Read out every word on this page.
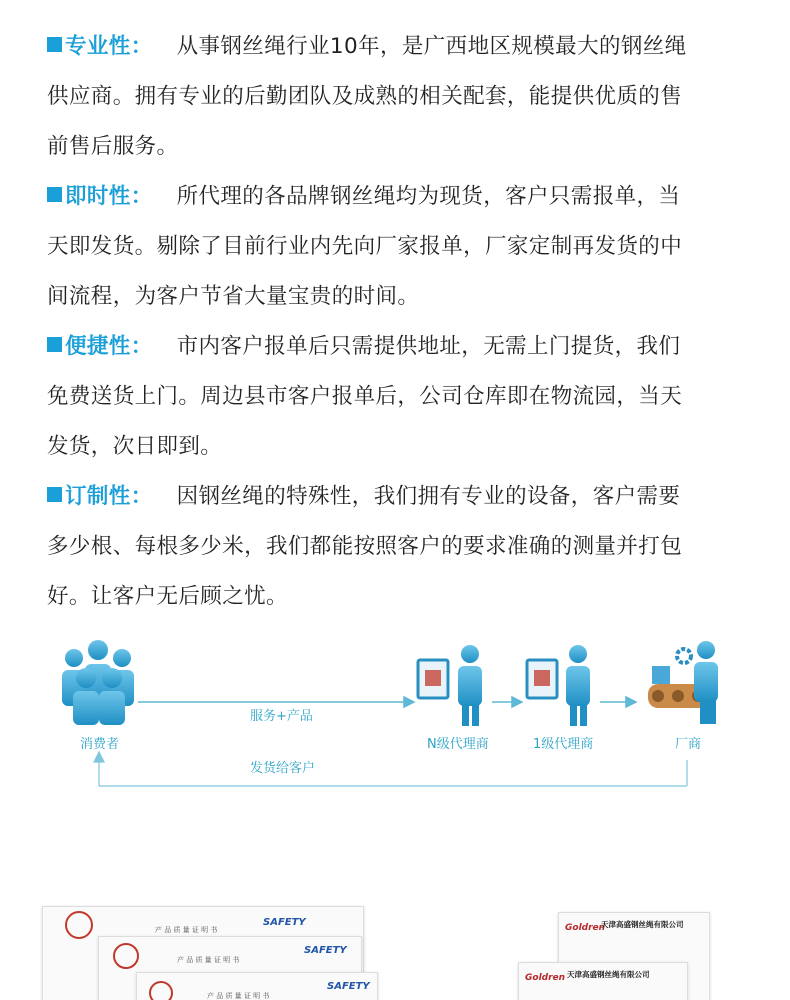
专业性： 从事钢丝绳行业10年，是广西地区规模最大的钢丝绳
供应商。拥有专业的后勤团队及成熟的相关配套，能提供优质的售
前售后服务。

即时性： 所代理的各品牌钢丝绳均为现货，客户只需报单，当
天即发货。剔除了目前行业内先向厂家报单，厂家定制再发货的中
间流程，为客户节省大量宝贵的时间。

便捷性： 市内客户报单后只需提供地址，无需上门提货，我们
免费送货上门。周边县市客户报单后，公司仓库即在物流园，当天
发货，次日即到。

订制性： 因钢丝绳的特殊性，我们拥有专业的设备，客户需要
多少根、每根多少米，我们都能按照客户的要求准确的测量并打包
好。让客户无后顾之忧。

消费者
服务+产品
N级代理商	1级代理商	厂商
发货给客户
产 品 质 量 证 明 书
SAFETY
产 品 质 量 证 明 书
SAFETY
产 品 质 量 证 明 书
SAFETY
Goldren
天津高盛钢丝绳有限公司
Goldren 天津高盛钢丝绳有限公司
